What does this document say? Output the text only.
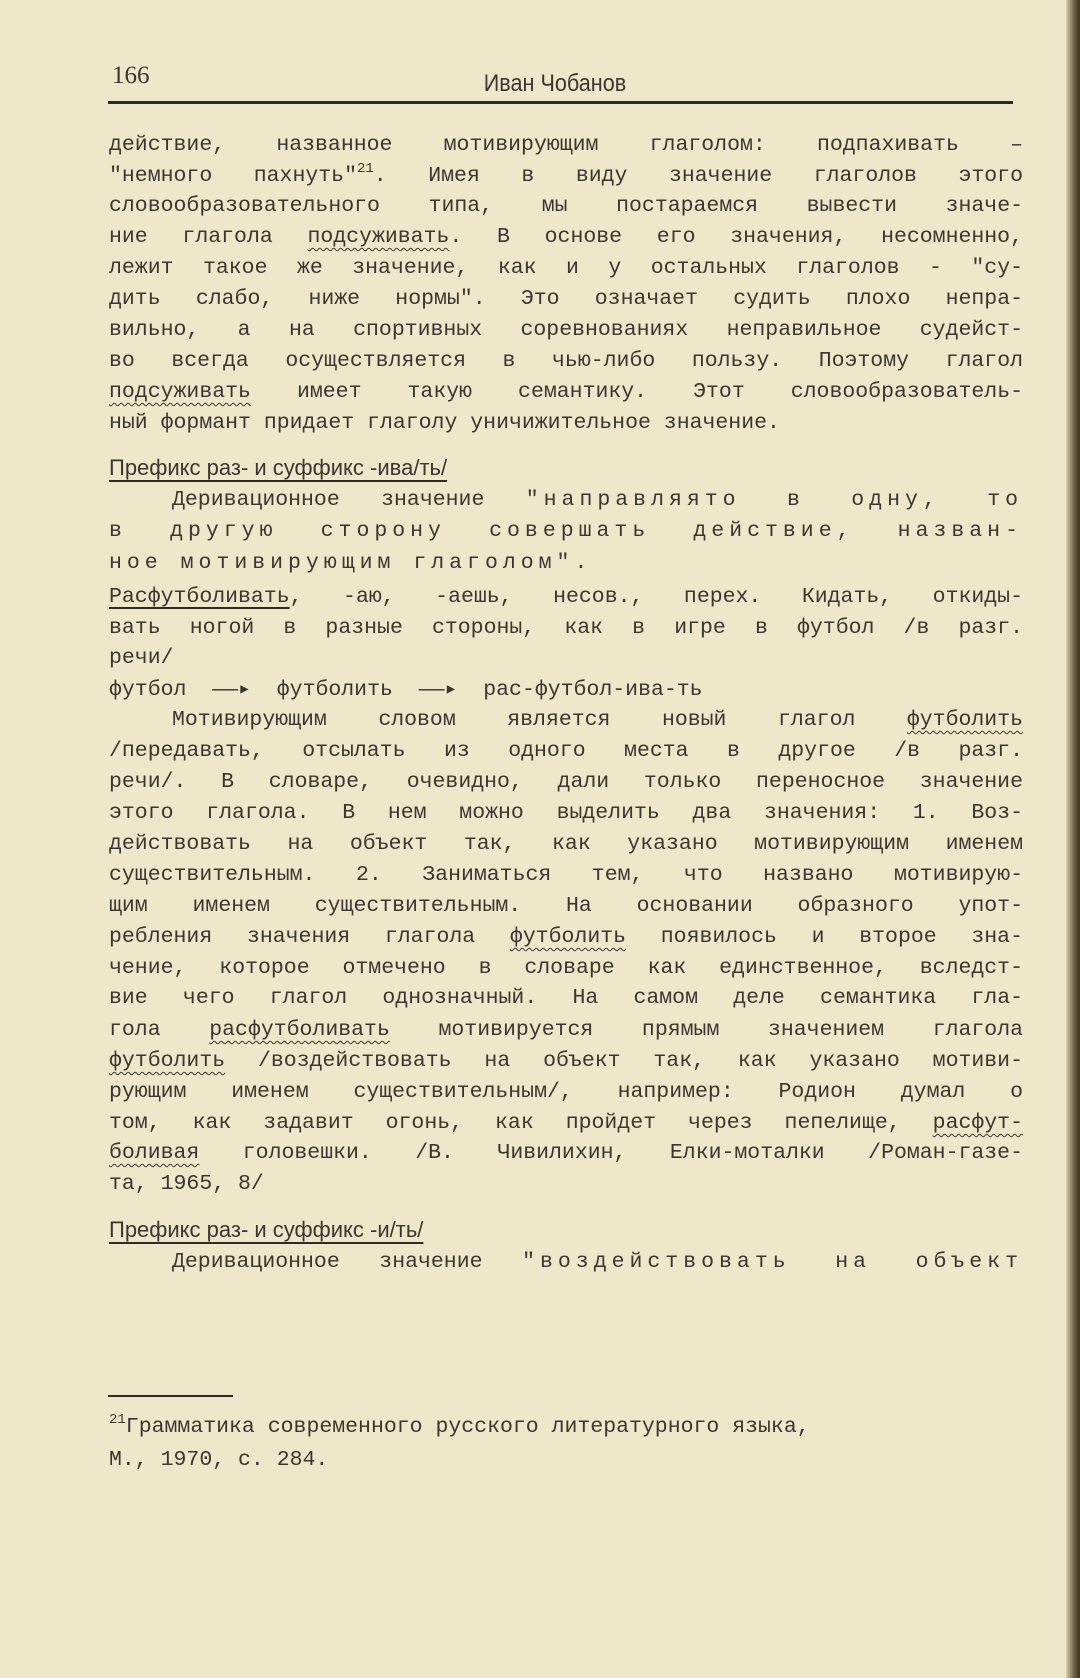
166	Иван Чобанов
действие, названное мотивирующим глаголом: подпахивать –
"немного пахнуть"$^{21}$. Имея в виду значение глаголов этого
словообразовательного типа, мы постараемся вывести значе-
ние глагола подсуживать. В основе его значения, несомненно,
лежит такое же значение, как и у остальных глаголов - "су-
дить слабо, ниже нормы". Это означает судить плохо непра-
вильно, а на спортивных соревнованиях неправильное судейст-
во всегда осуществляется в чью-либо пользу. Поэтому глагол
подсуживать имеет такую семантику. Этот словообразователь-
ный формант придает глаголу уничижительное значение.
Префикс раз- и суффикс -ива/ть/
Деривационное значение "направляято в одну, то
в другую сторону совершать действие, назван-
ное мотивирующим глаголом".
Расфутболивать, -аю, -аешь, несов., перех. Кидать, откиды-
вать ногой в разные стороны, как в игре в футбол /в разг.
речи/
футбол  ——▸  футболить  ——▸  рас-футбол-ива-ть
Мотивирующим словом является новый глагол футболить
/передавать, отсылать из одного места в другое /в разг.
речи/. В словаре, очевидно, дали только переносное значение
этого глагола. В нем можно выделить два значения: 1. Воз-
действовать на объект так, как указано мотивирующим именем
существительным. 2. Заниматься тем, что названо мотивирую-
щим именем существительным. На основании образного упот-
ребления значения глагола футболить появилось и второе зна-
чение, которое отмечено в словаре как единственное, вследст-
вие чего глагол однозначный. На самом деле семантика гла-
гола расфутболивать мотивируется прямым значением глагола
футболить /воздействовать на объект так, как указано мотиви-
рующим именем существительным/, например: Родион думал о
том, как задавит огонь, как пройдет через пепелище, расфут-
боливая головешки. /В. Чивилихин, Елки-моталки /Роман-газе-
та, 1965, 8/
Префикс раз- и суффикс -и/ть/
Деривационное значение "воздействовать на объект
$^{21}$Грамматика современного русского литературного языка,
М., 1970, с. 284.
